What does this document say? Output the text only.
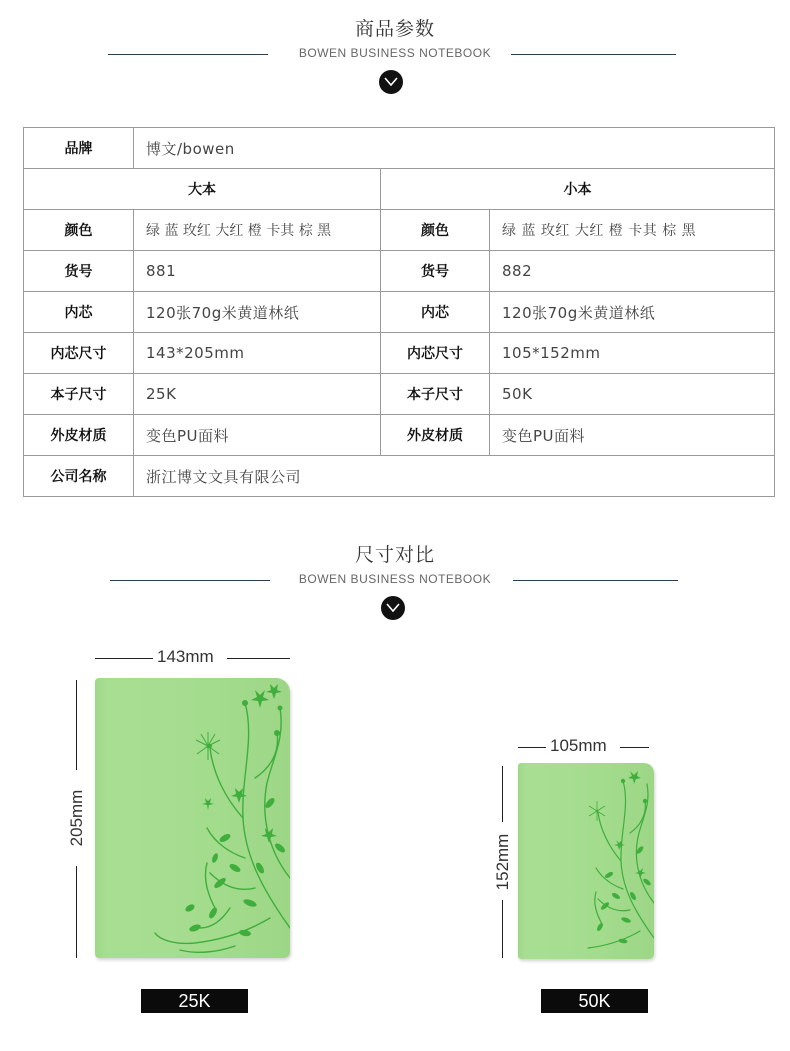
商品参数
BOWEN BUSINESS NOTEBOOK
品牌	博文/bowen		
大本		小本	
颜色	绿 蓝 玫红 大红 橙 卡其 棕 黑	颜色	绿 蓝 玫红 大红 橙 卡其 棕 黑
货号	881	货号	882
内芯	120张70g米黄道林纸	内芯	120张70g米黄道林纸
内芯尺寸	143*205mm	内芯尺寸	105*152mm
本子尺寸	25K	本子尺寸	50K
外皮材质	变色PU面料	外皮材质	变色PU面料
公司名称	浙江博文文具有限公司		
尺寸对比
BOWEN BUSINESS NOTEBOOK
143mm
205mm
105mm
152mm
25K	50K
